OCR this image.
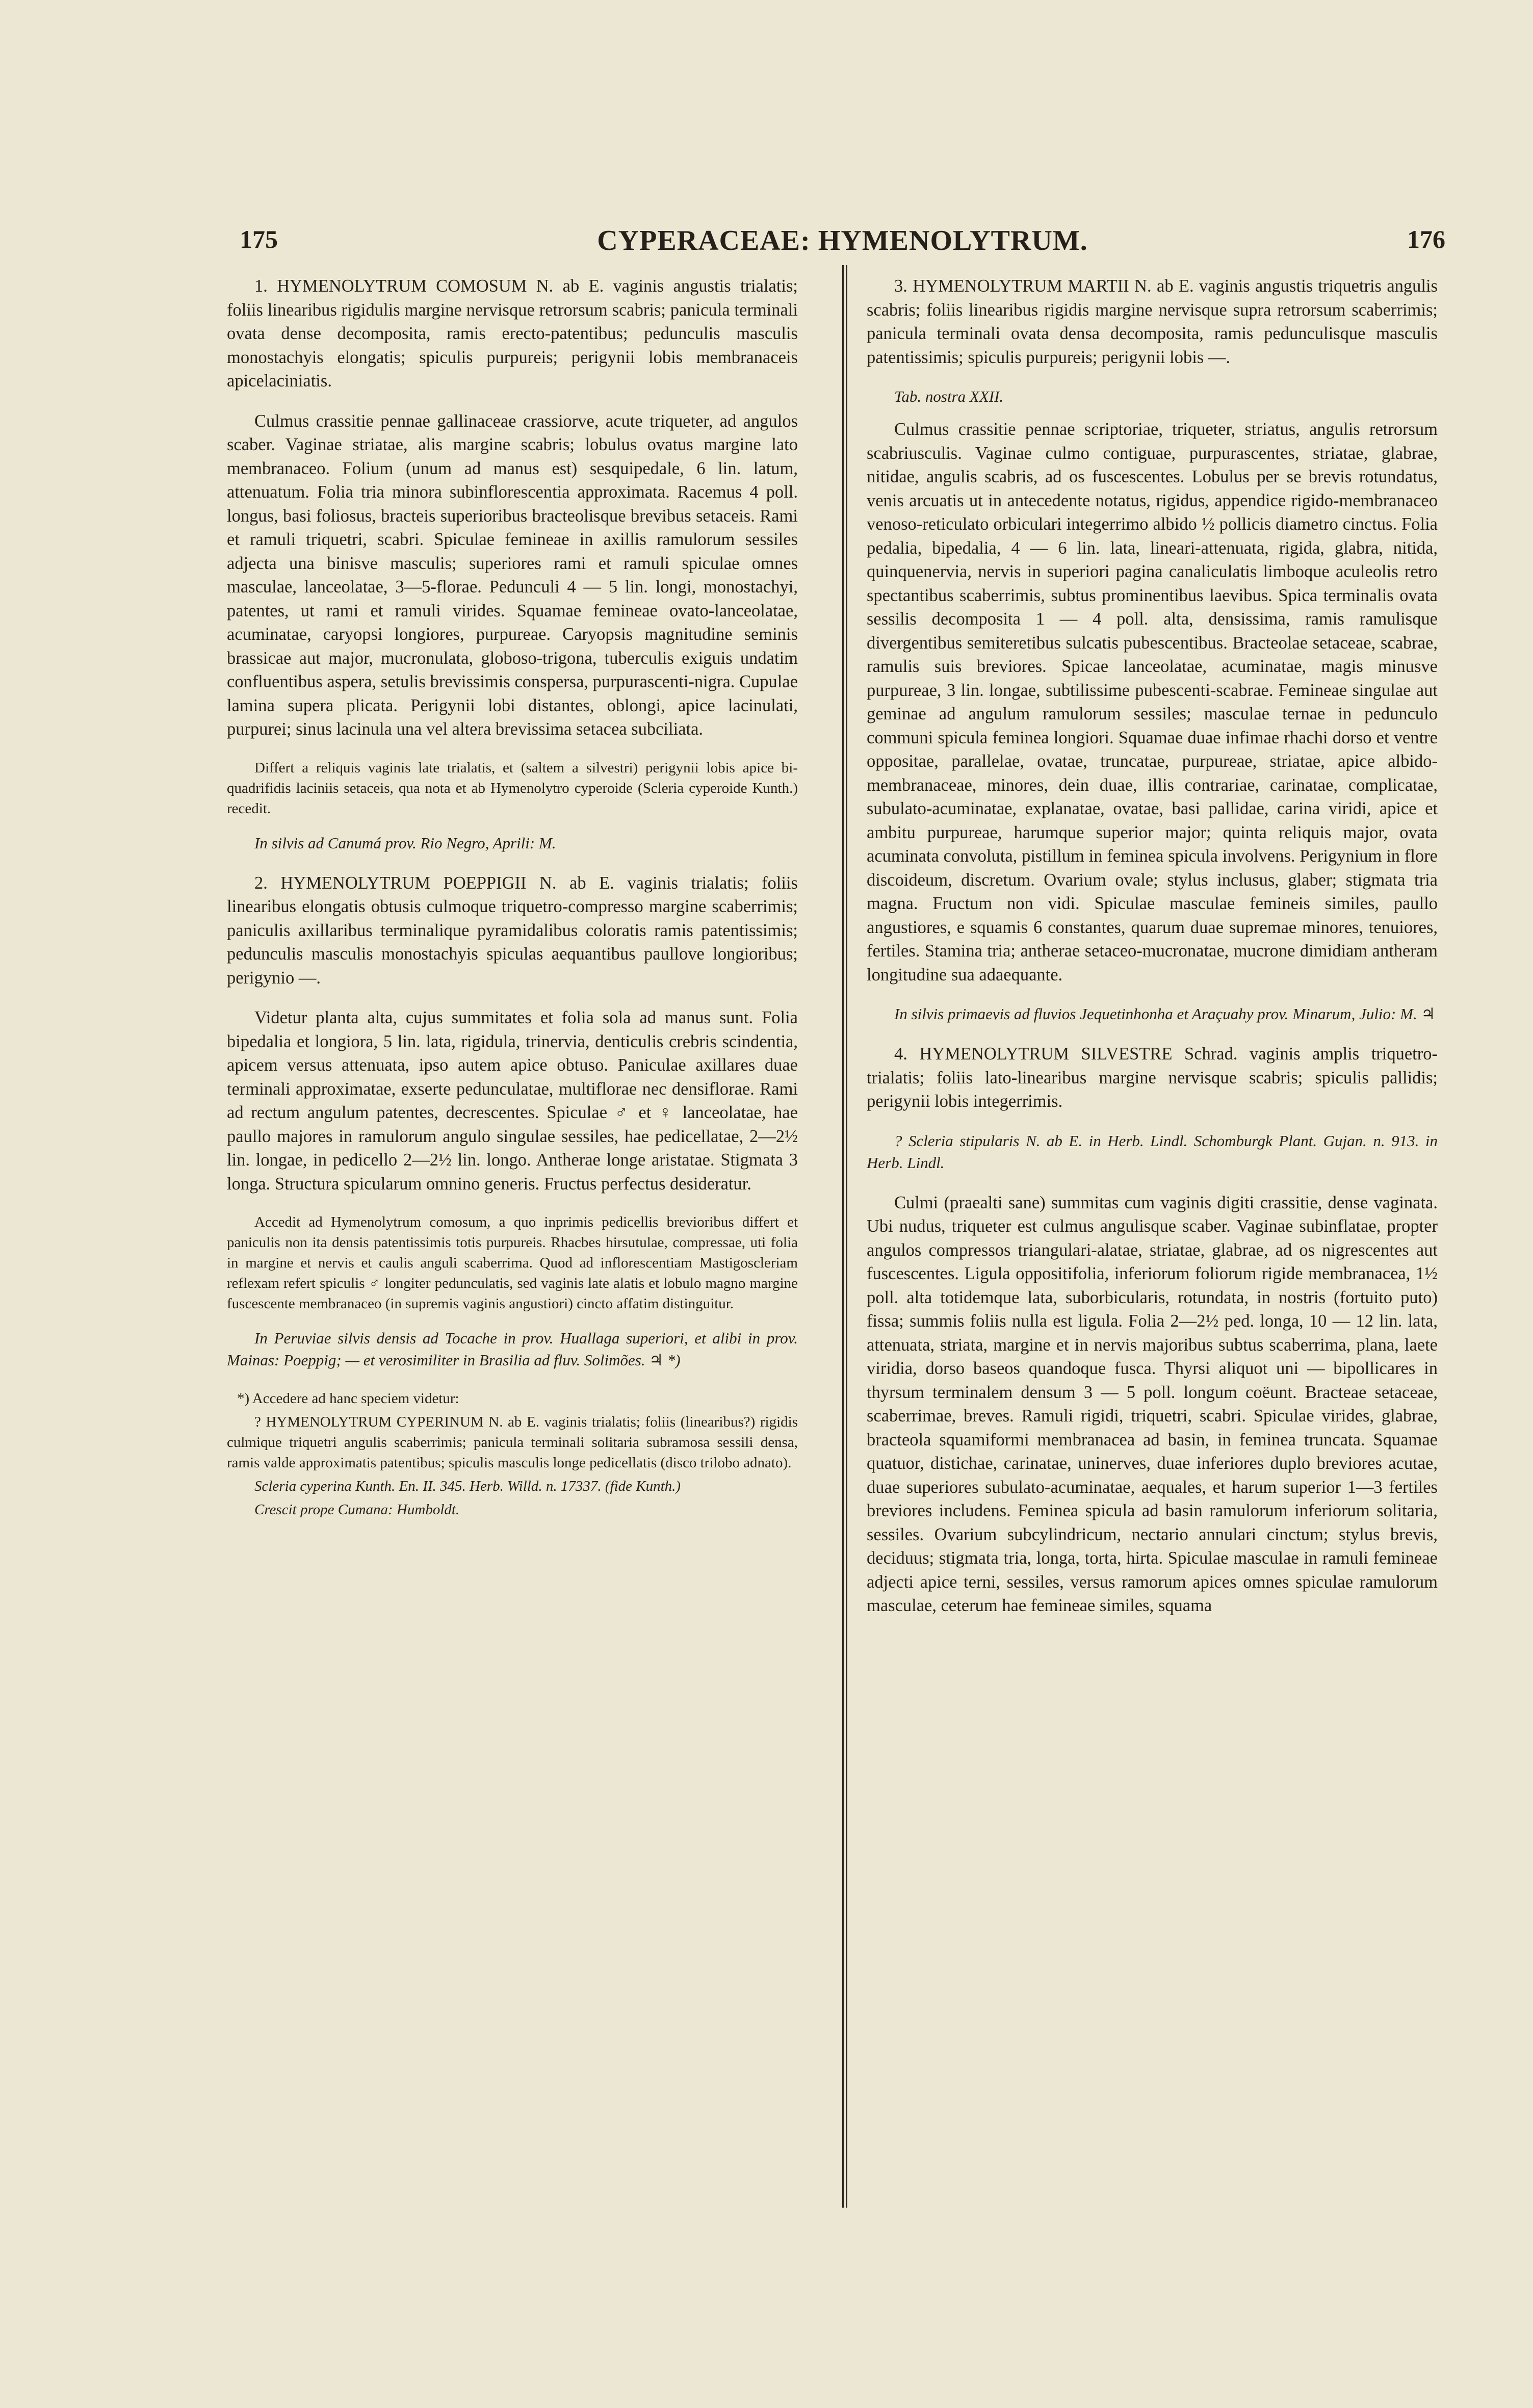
175	CYPERACEAE: HYMENOLYTRUM.	176

1. HYMENOLYTRUM COMOSUM N. ab E. vaginis angustis trialatis; foliis linearibus rigidulis margine nervisque retrorsum scabris; panicula terminali ovata dense decomposita, ramis erecto-patentibus; pedunculis masculis monostachyis elongatis; spiculis purpureis; perigynii lobis membranaceis apicelaciniatis.

Culmus crassitie pennae gallinaceae crassiorve, acute triqueter, ad angulos scaber. Vaginae striatae, alis margine scabris; lobulus ovatus margine lato membranaceo. Folium (unum ad manus est) sesquipedale, 6 lin. latum, attenuatum. Folia tria minora subinflorescentia approximata. Racemus 4 poll. longus, basi foliosus, bracteis superioribus bracteolisque brevibus setaceis. Rami et ramuli triquetri, scabri. Spiculae femineae in axillis ramulorum sessiles adjecta una binisve masculis; superiores rami et ramuli spiculae omnes masculae, lanceolatae, 3—5-florae. Pedunculi 4 — 5 lin. longi, monostachyi, patentes, ut rami et ramuli virides. Squamae femineae ovato-lanceolatae, acuminatae, caryopsi longiores, purpureae. Caryopsis magnitudine seminis brassicae aut major, mucronulata, globoso-trigona, tuberculis exiguis undatim confluentibus aspera, setulis brevissimis conspersa, purpurascenti-nigra. Cupulae lamina supera plicata. Perigynii lobi distantes, oblongi, apice lacinulati, purpurei; sinus lacinula una vel altera brevissima setacea subciliata.

Differt a reliquis vaginis late trialatis, et (saltem a silvestri) perigynii lobis apice bi-quadrifidis laciniis setaceis, qua nota et ab Hymenolytro cyperoide (Scleria cyperoide Kunth.) recedit.

In silvis ad Canumá prov. Rio Negro, Aprili: M.

2. HYMENOLYTRUM POEPPIGII N. ab E. vaginis trialatis; foliis linearibus elongatis obtusis culmoque triquetro-compresso margine scaberrimis; paniculis axillaribus terminalique pyramidalibus coloratis ramis patentissimis; pedunculis masculis monostachyis spiculas aequantibus paullove longioribus; perigynio —.

Videtur planta alta, cujus summitates et folia sola ad manus sunt. Folia bipedalia et longiora, 5 lin. lata, rigidula, trinervia, denticulis crebris scindentia, apicem versus attenuata, ipso autem apice obtuso. Paniculae axillares duae terminali approximatae, exserte pedunculatae, multiflorae nec densiflorae. Rami ad rectum angulum patentes, decrescentes. Spiculae ♂ et ♀ lanceolatae, hae paullo majores in ramulorum angulo singulae sessiles, hae pedicellatae, 2—2½ lin. longae, in pedicello 2—2½ lin. longo. Antherae longe aristatae. Stigmata 3 longa. Structura spicularum omnino generis. Fructus perfectus desideratur.

Accedit ad Hymenolytrum comosum, a quo inprimis pedicellis brevioribus differt et paniculis non ita densis patentissimis totis purpureis. Rhacbes hirsutulae, compressae, uti folia in margine et nervis et caulis anguli scaberrima. Quod ad inflorescentiam Mastigoscleriam reflexam refert spiculis ♂ longiter pedunculatis, sed vaginis late alatis et lobulo magno margine fuscescente membranaceo (in supremis vaginis angustiori) cincto affatim distinguitur.

In Peruviae silvis densis ad Tocache in prov. Huallaga superiori, et alibi in prov. Mainas: Poeppig; — et verosimiliter in Brasilia ad fluv. Solimões. ♃ *)

*) Accedere ad hanc speciem videtur:

? HYMENOLYTRUM CYPERINUM N. ab E. vaginis trialatis; foliis (linearibus?) rigidis culmique triquetri angulis scaberrimis; panicula terminali solitaria subramosa sessili densa, ramis valde approximatis patentibus; spiculis masculis longe pedicellatis (disco trilobo adnato).

Scleria cyperina Kunth. En. II. 345. Herb. Willd. n. 17337. (fide Kunth.)

Crescit prope Cumana: Humboldt.

3. HYMENOLYTRUM MARTII N. ab E. vaginis angustis triquetris angulis scabris; foliis linearibus rigidis margine nervisque supra retrorsum scaberrimis; panicula terminali ovata densa decomposita, ramis pedunculisque masculis patentissimis; spiculis purpureis; perigynii lobis —.

Tab. nostra XXII.

Culmus crassitie pennae scriptoriae, triqueter, striatus, angulis retrorsum scabriusculis. Vaginae culmo contiguae, purpurascentes, striatae, glabrae, nitidae, angulis scabris, ad os fuscescentes. Lobulus per se brevis rotundatus, venis arcuatis ut in antecedente notatus, rigidus, appendice rigido-membranaceo venoso-reticulato orbiculari integerrimo albido ½ pollicis diametro cinctus. Folia pedalia, bipedalia, 4 — 6 lin. lata, lineari-attenuata, rigida, glabra, nitida, quinquenervia, nervis in superiori pagina canaliculatis limboque aculeolis retro spectantibus scaberrimis, subtus prominentibus laevibus. Spica terminalis ovata sessilis decomposita 1 — 4 poll. alta, densissima, ramis ramulisque divergentibus semiteretibus sulcatis pubescentibus. Bracteolae setaceae, scabrae, ramulis suis breviores. Spicae lanceolatae, acuminatae, magis minusve purpureae, 3 lin. longae, subtilissime pubescenti-scabrae. Femineae singulae aut geminae ad angulum ramulorum sessiles; masculae ternae in pedunculo communi spicula feminea longiori. Squamae duae infimae rhachi dorso et ventre oppositae, parallelae, ovatae, truncatae, purpureae, striatae, apice albido-membranaceae, minores, dein duae, illis contrariae, carinatae, complicatae, subulato-acuminatae, explanatae, ovatae, basi pallidae, carina viridi, apice et ambitu purpureae, harumque superior major; quinta reliquis major, ovata acuminata convoluta, pistillum in feminea spicula involvens. Perigynium in flore discoideum, discretum. Ovarium ovale; stylus inclusus, glaber; stigmata tria magna. Fructum non vidi. Spiculae masculae femineis similes, paullo angustiores, e squamis 6 constantes, quarum duae supremae minores, tenuiores, fertiles. Stamina tria; antherae setaceo-mucronatae, mucrone dimidiam antheram longitudine sua adaequante.

In silvis primaevis ad fluvios Jequetinhonha et Araçuahy prov. Minarum, Julio: M. ♃

4. HYMENOLYTRUM SILVESTRE Schrad. vaginis amplis triquetro-trialatis; foliis lato-linearibus margine nervisque scabris; spiculis pallidis; perigynii lobis integerrimis.

? Scleria stipularis N. ab E. in Herb. Lindl. Schomburgk Plant. Gujan. n. 913. in Herb. Lindl.

Culmi (praealti sane) summitas cum vaginis digiti crassitie, dense vaginata. Ubi nudus, triqueter est culmus angulisque scaber. Vaginae subinflatae, propter angulos compressos triangulari-alatae, striatae, glabrae, ad os nigrescentes aut fuscescentes. Ligula oppositifolia, inferiorum foliorum rigide membranacea, 1½ poll. alta totidemque lata, suborbicularis, rotundata, in nostris (fortuito puto) fissa; summis foliis nulla est ligula. Folia 2—2½ ped. longa, 10 — 12 lin. lata, attenuata, striata, margine et in nervis majoribus subtus scaberrima, plana, laete viridia, dorso baseos quandoque fusca. Thyrsi aliquot uni — bipollicares in thyrsum terminalem densum 3 — 5 poll. longum coëunt. Bracteae setaceae, scaberrimae, breves. Ramuli rigidi, triquetri, scabri. Spiculae virides, glabrae, bracteola squamiformi membranacea ad basin, in feminea truncata. Squamae quatuor, distichae, carinatae, uninerves, duae inferiores duplo breviores acutae, duae superiores subulato-acuminatae, aequales, et harum superior 1—3 fertiles breviores includens. Feminea spicula ad basin ramulorum inferiorum solitaria, sessiles. Ovarium subcylindricum, nectario annulari cinctum; stylus brevis, deciduus; stigmata tria, longa, torta, hirta. Spiculae masculae in ramuli femineae adjecti apice terni, sessiles, versus ramorum apices omnes spiculae ramulorum masculae, ceterum hae femineae similes, squama
